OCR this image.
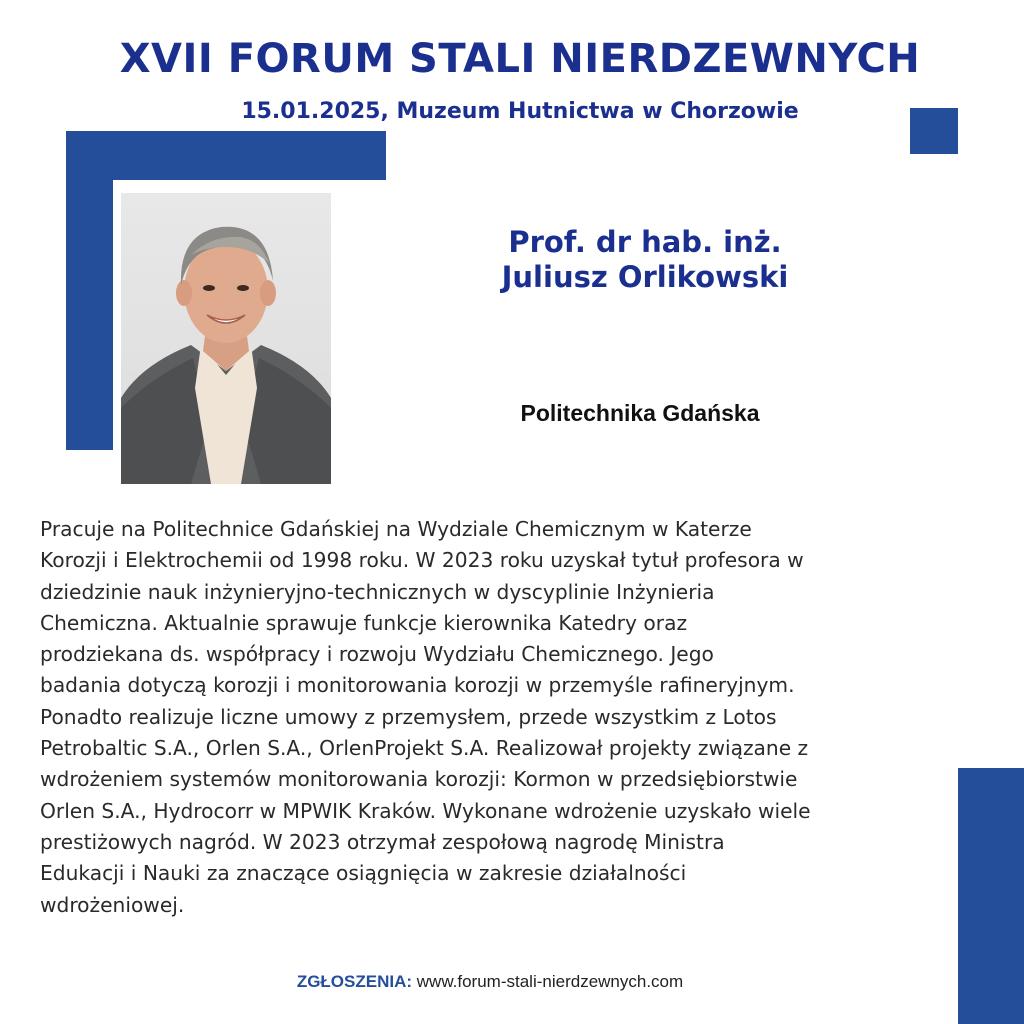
XVII FORUM STALI NIERDZEWNYCH
15.01.2025, Muzeum Hutnictwa w Chorzowie
Prof. dr hab. inż.
Juliusz Orlikowski
Politechnika Gdańska
Pracuje na Politechnice Gdańskiej na Wydziale Chemicznym w Katerze
Korozji i Elektrochemii od 1998 roku. W 2023 roku uzyskał tytuł profesora w
dziedzinie nauk inżynieryjno-technicznych w dyscyplinie Inżynieria
Chemiczna. Aktualnie sprawuje funkcje kierownika Katedry oraz
prodziekana ds. współpracy i rozwoju Wydziału Chemicznego. Jego
badania dotyczą korozji i monitorowania korozji w przemyśle rafineryjnym.
Ponadto realizuje liczne umowy z przemysłem, przede wszystkim z Lotos
Petrobaltic S.A., Orlen S.A., OrlenProjekt S.A. Realizował projekty związane z
wdrożeniem systemów monitorowania korozji: Kormon w przedsiębiorstwie
Orlen S.A., Hydrocorr w MPWIK Kraków. Wykonane wdrożenie uzyskało wiele
prestiżowych nagród. W 2023 otrzymał zespołową nagrodę Ministra
Edukacji i Nauki za znaczące osiągnięcia w zakresie działalności
wdrożeniowej.
ZGŁOSZENIA: www.forum-stali-nierdzewnych.com
